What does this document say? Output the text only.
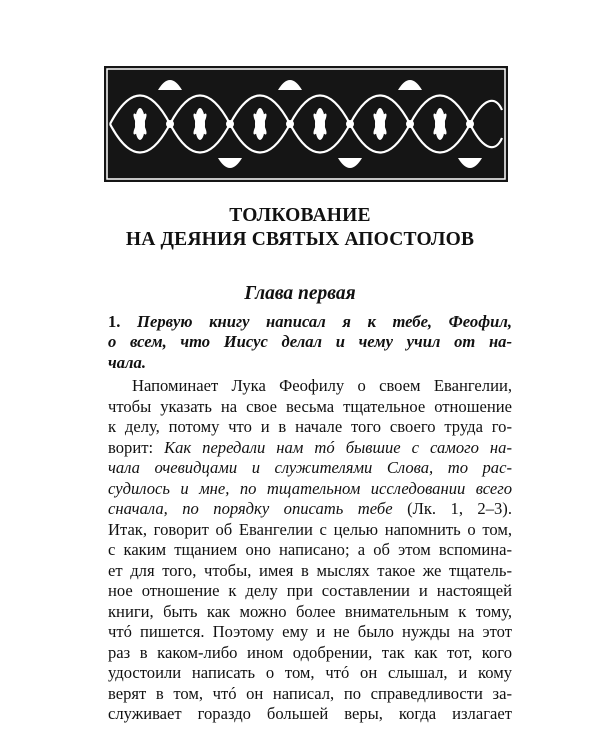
ТОЛКОВАНИЕ
НА ДЕЯНИЯ СВЯТЫХ АПОСТОЛОВ
Глава первая
1. Первую книгу написал я к тебе, Феофил,
о всем, что Иисус делал и чему учил от на-
чала.
Напоминает Лука Феофилу о своем Евангелии,
чтобы указать на свое весьма тщательное отношение
к делу, потому что и в начале того своего труда го-
ворит: Как передали нам тó бывшие с самого на-
чала очевидцами и служителями Слова, то рас-
судилось и мне, по тщательном исследовании всего
сначала, по порядку описать тебе (Лк. 1, 2–3).
Итак, говорит об Евангелии с целью напомнить о том,
с каким тщанием оно написано; а об этом вспомина-
ет для того, чтобы, имея в мыслях такое же тщатель-
ное отношение к делу при составлении и настоящей
книги, быть как можно более внимательным к тому,
чтó пишется. Поэтому ему и не было нужды на этот
раз в каком-либо ином одобрении, так как тот, кого
удостоили написать о том, чтó он слышал, и кому
верят в том, чтó он написал, по справедливости за-
служивает гораздо большей веры, когда излагает
